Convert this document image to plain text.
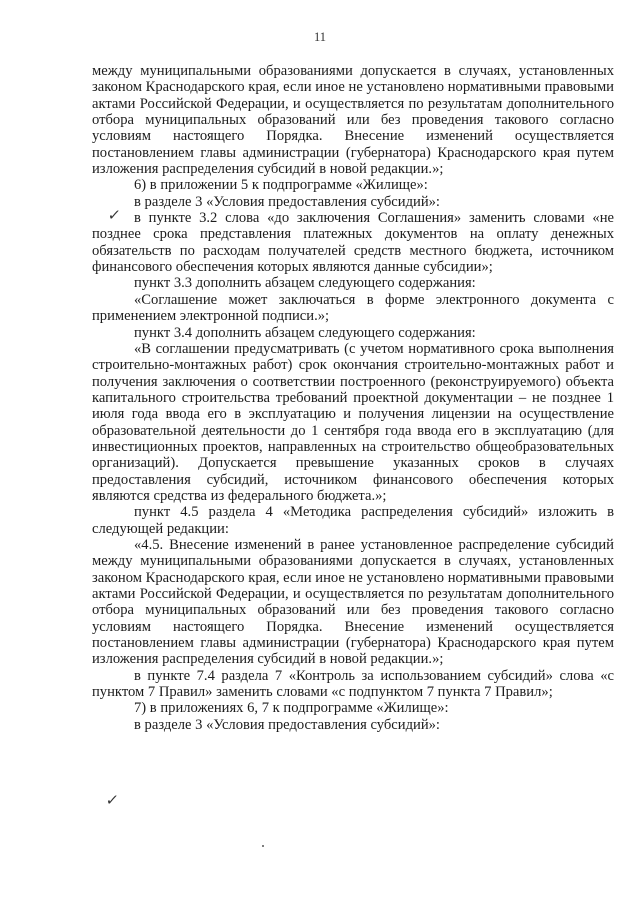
11

между муниципальными образованиями допускается в случаях, установленных законом Краснодарского края, если иное не установлено нормативными правовыми актами Российской Федерации, и осуществляется по результатам дополнительного отбора муниципальных образований или без проведения такового согласно условиям настоящего Порядка. Внесение изменений осуществляется постановлением главы администрации (губернатора) Краснодарского края путем изложения распределения субсидий в новой редакции.»;

6) в приложении 5 к подпрограмме «Жилище»:

в разделе 3 «Условия предоставления субсидий»:

в пункте 3.2 слова «до заключения Соглашения» заменить словами «не позднее срока представления платежных документов на оплату денежных обязательств по расходам получателей средств местного бюджета, источником финансового обеспечения которых являются данные субсидии»;

пункт 3.3 дополнить абзацем следующего содержания:

«Соглашение может заключаться в форме электронного документа с применением электронной подписи.»;

пункт 3.4 дополнить абзацем следующего содержания:

«В соглашении предусматривать (с учетом нормативного срока выполнения строительно-монтажных работ) срок окончания строительно-монтажных работ и получения заключения о соответствии построенного (реконструируемого) объекта капитального строительства требований проектной документации – не позднее 1 июля года ввода его в эксплуатацию и получения лицензии на осуществление образовательной деятельности до 1 сентября года ввода его в эксплуатацию (для инвестиционных проектов, направленных на строительство общеобразовательных организаций). Допускается превышение указанных сроков в случаях предоставления субсидий, источником финансового обеспечения которых являются средства из федерального бюджета.»;

пункт 4.5 раздела 4 «Методика распределения субсидий» изложить в следующей редакции:

«4.5. Внесение изменений в ранее установленное распределение субсидий между муниципальными образованиями допускается в случаях, установленных законом Краснодарского края, если иное не установлено нормативными правовыми актами Российской Федерации, и осуществляется по результатам дополнительного отбора муниципальных образований или без проведения такового согласно условиям настоящего Порядка. Внесение изменений осуществляется постановлением главы администрации (губернатора) Краснодарского края путем изложения распределения субсидий в новой редакции.»;

в пункте 7.4 раздела 7 «Контроль за использованием субсидий» слова «с пунктом 7 Правил» заменить словами «с подпунктом 7 пункта 7 Правил»;

7) в приложениях 6, 7 к подпрограмме «Жилище»:

в разделе 3 «Условия предоставления субсидий»:

✓
✓
